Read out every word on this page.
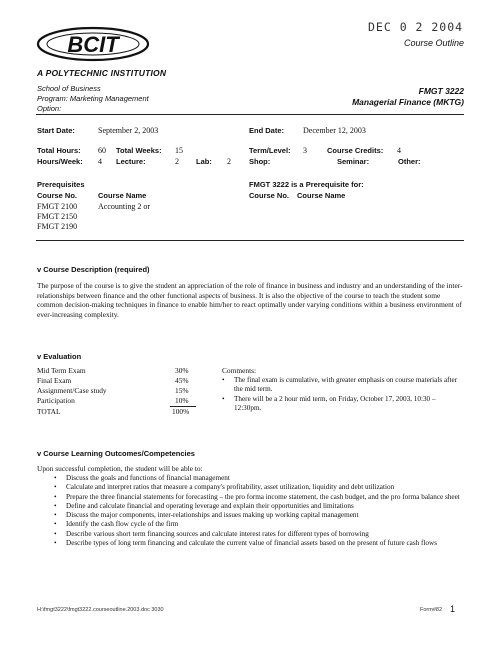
BCIT
A POLYTECHNIC INSTITUTION
DEC 0 2 2004
Course Outline
School of Business
Program: Marketing Management
Option:
FMGT 3222
Managerial Finance (MKTG)
Start Date:	September 2, 2003	End Date: December 12, 2003
Total Hours: 60 Total Weeks: 15	Term/Level: 3	Course Credits: 4
Hours/Week: 4 Lecture:	2 Lab: 2 Shop:	Seminar:	Other:
Prerequisites
Course No.	Course Name
FMGT 2100	Accounting 2 or
FMGT 2150
FMGT 2190
FMGT 3222 is a Prerequisite for:
Course No. Course Name
v Course Description (required)
The purpose of the course is to give the student an appreciation of the role of finance in business and industry and an understanding of the inter-relationships between finance and the other functional aspects of business. It is also the objective of the course to teach the student some common decision-making techniques in finance to enable him/her to react optimally under varying conditions within a business environment of ever-increasing complexity.
v Evaluation
Mid Term Exam	30%
Final Exam	45%
Assignment/Case study	15%
Participation	10%
TOTAL	100%
Comments:
• The final exam is cumulative, with greater emphasis on course materials after the mid term.
• There will be a 2 hour mid term, on Friday, October 17, 2003, 10:30 – 12:30pm.
v Course Learning Outcomes/Competencies
Upon successful completion, the student will be able to:
• Discuss the goals and functions of financial management
• Calculate and interpret ratios that measure a company's profitability, asset utilization, liquidity and debt utilization
• Prepare the three financial statements for forecasting – the pro forma income statement, the cash budget, and the pro forma balance sheet
• Define and calculate financial and operating leverage and explain their opportunities and limitations
• Discuss the major components, inter-relationships and issues making up working capital management
• Identify the cash flow cycle of the firm
• Describe various short term financing sources and calculate interest rates for different types of borrowing
• Describe types of long term financing and calculate the current value of financial assets based on the present of future cash flows
H:\fmgt3222\fmgt3222.courseoutline.2003.doc 3030	Form#82 1
